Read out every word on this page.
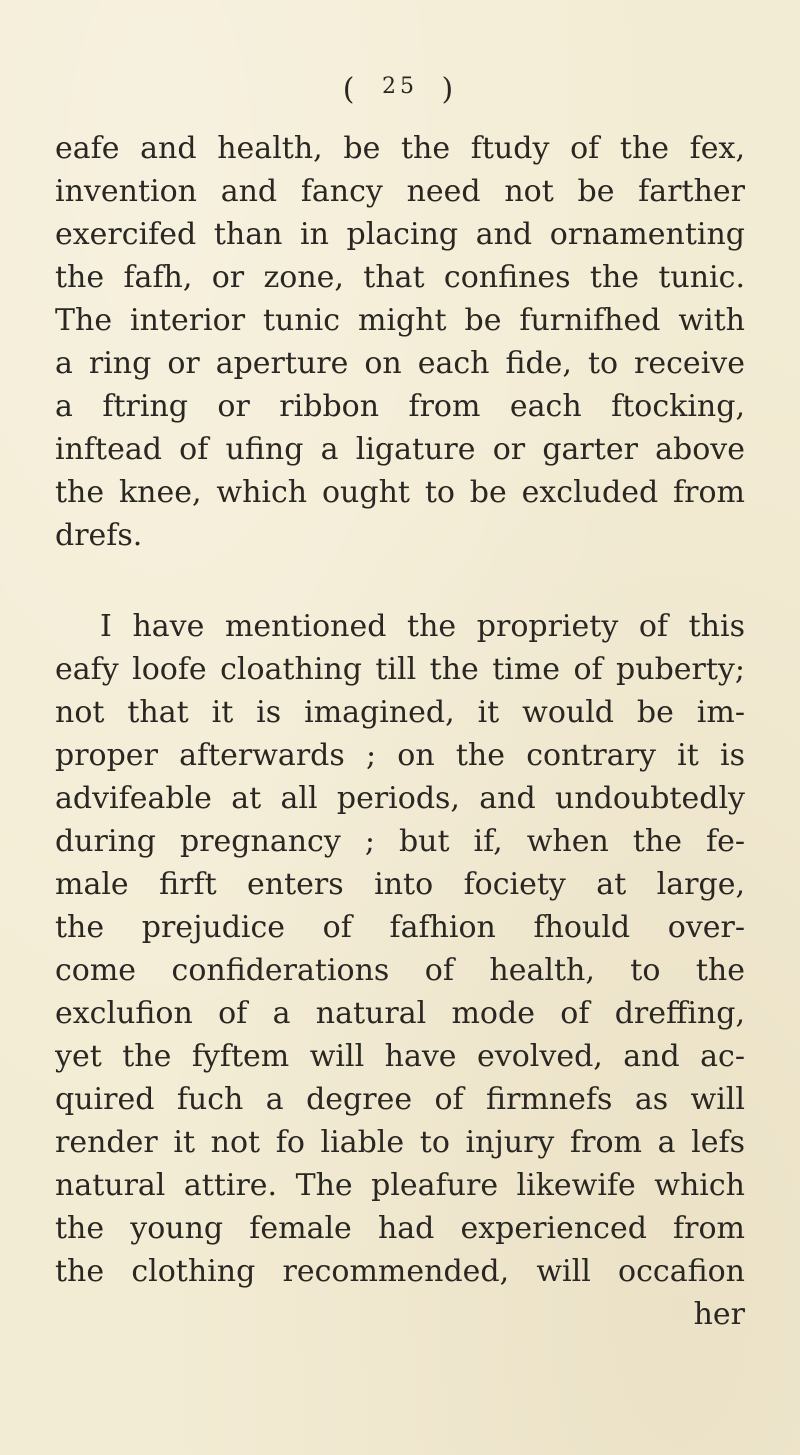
( 25 )
eafe and health, be the ftudy of the fex,
invention and fancy need not be farther
exercifed than in placing and ornamenting
the fafh, or zone, that confines the tunic.
The interior tunic might be furnifhed with
a ring or aperture on each fide, to receive
a ftring or ribbon from each ftocking,
inftead of ufing a ligature or garter above
the knee, which ought to be excluded from
drefs.
I have mentioned the propriety of this
eafy loofe cloathing till the time of puberty;
not that it is imagined, it would be im-
proper afterwards ; on the contrary it is
advifeable at all periods, and undoubtedly
during pregnancy ; but if, when the fe-
male firft enters into fociety at large,
the prejudice of fafhion fhould over-
come confiderations of health, to the
exclufion of a natural mode of dreffing,
yet the fyftem will have evolved, and ac-
quired fuch a degree of firmnefs as will
render it not fo liable to injury from a lefs
natural attire. The pleafure likewife which
the young female had experienced from
the clothing recommended, will occafion
her
